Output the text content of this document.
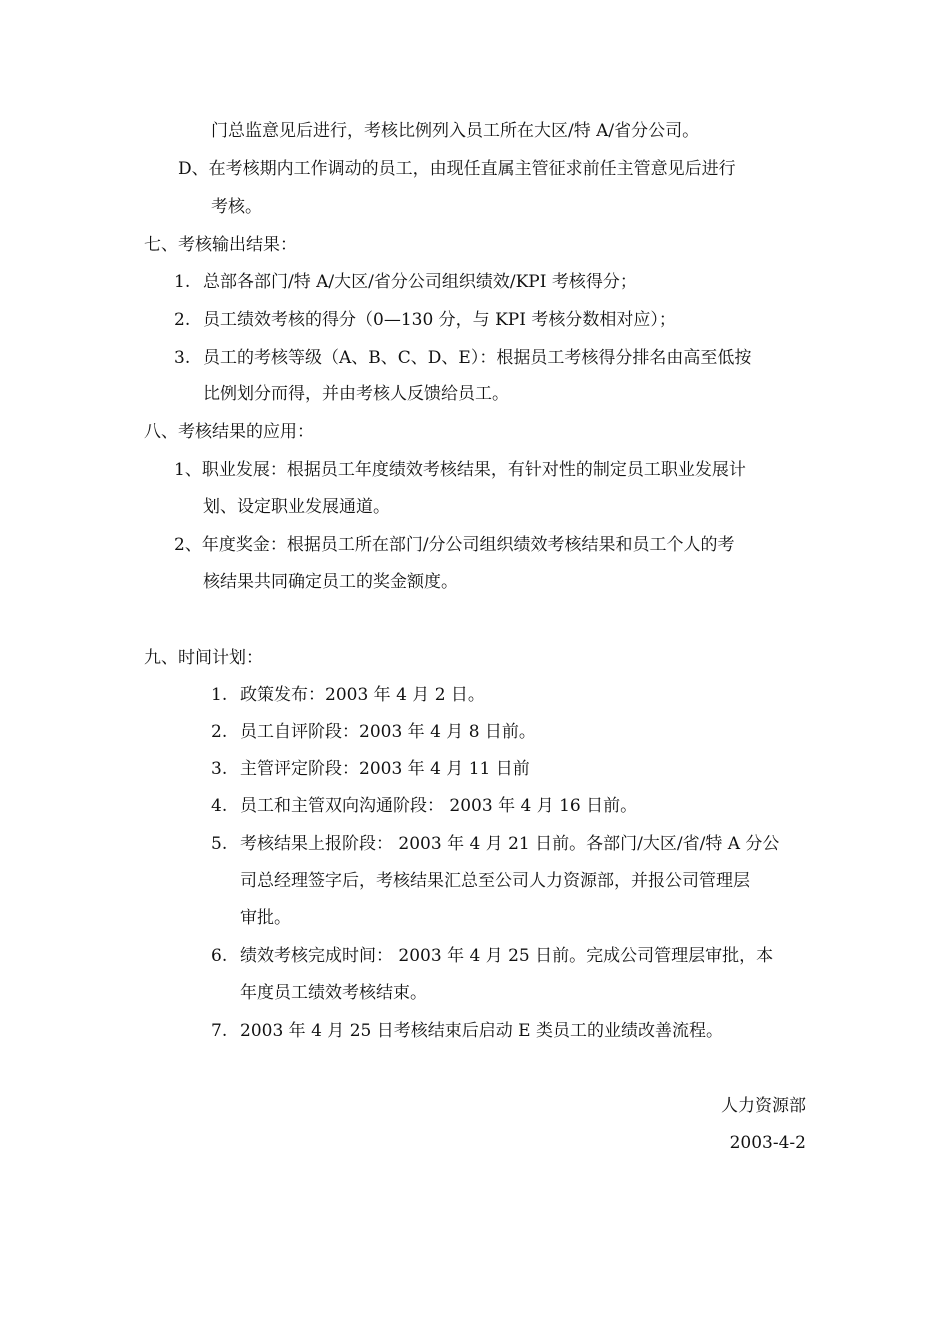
门总监意见后进行，考核比例列入员工所在大区/特 A/省分公司。
D、在考核期内工作调动的员工，由现任直属主管征求前任主管意见后进行
考核。
七、考核输出结果：
1. 总部各部门/特 A/大区/省分公司组织绩效/KPI 考核得分；
2. 员工绩效考核的得分（0—130 分，与 KPI 考核分数相对应）；
3. 员工的考核等级（A、B、C、D、E）：根据员工考核得分排名由高至低按
比例划分而得，并由考核人反馈给员工。
八、考核结果的应用：
1、职业发展：根据员工年度绩效考核结果，有针对性的制定员工职业发展计
划、设定职业发展通道。
2、年度奖金：根据员工所在部门/分公司组织绩效考核结果和员工个人的考
核结果共同确定员工的奖金额度。
九、时间计划：
1. 政策发布：2003 年 4 月 2 日。
2. 员工自评阶段：2003 年 4 月 8 日前。
3. 主管评定阶段：2003 年 4 月 11 日前
4. 员工和主管双向沟通阶段： 2003 年 4 月 16 日前。
5. 考核结果上报阶段： 2003 年 4 月 21 日前。各部门/大区/省/特 A 分公
司总经理签字后，考核结果汇总至公司人力资源部，并报公司管理层
审批。
6. 绩效考核完成时间： 2003 年 4 月 25 日前。完成公司管理层审批，本
年度员工绩效考核结束。
7. 2003 年 4 月 25 日考核结束后启动 E 类员工的业绩改善流程。
人力资源部
2003-4-2
